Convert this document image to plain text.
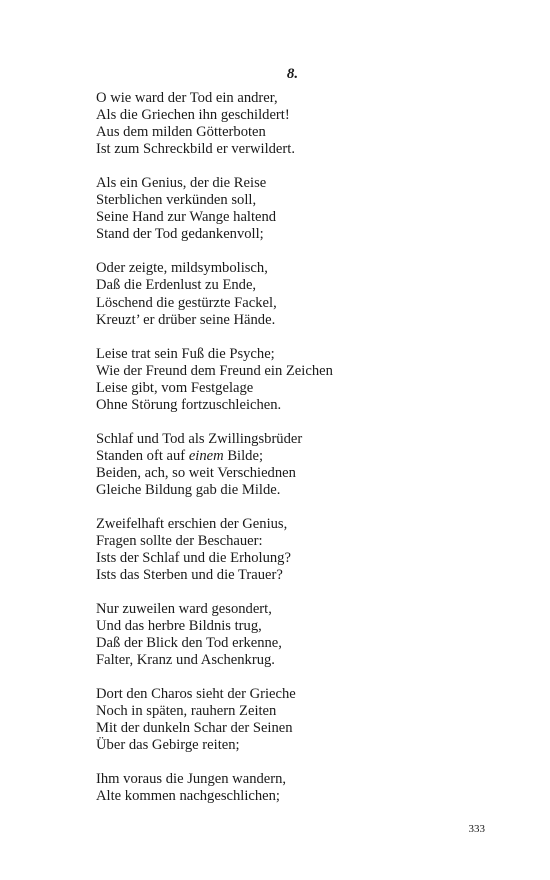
8.

O wie ward der Tod ein andrer,
Als die Griechen ihn geschildert!
Aus dem milden Götterboten
Ist zum Schreckbild er verwildert.
Als ein Genius, der die Reise
Sterblichen verkünden soll,
Seine Hand zur Wange haltend
Stand der Tod gedankenvoll;
Oder zeigte, mildsymbolisch,
Daß die Erdenlust zu Ende,
Löschend die gestürzte Fackel,
Kreuzt’ er drüber seine Hände.
Leise trat sein Fuß die Psyche;
Wie der Freund dem Freund ein Zeichen
Leise gibt, vom Festgelage
Ohne Störung fortzuschleichen.
Schlaf und Tod als Zwillingsbrüder
Standen oft auf einem Bilde;
Beiden, ach, so weit Verschiednen
Gleiche Bildung gab die Milde.
Zweifelhaft erschien der Genius,
Fragen sollte der Beschauer:
Ists der Schlaf und die Erholung?
Ists das Sterben und die Trauer?
Nur zuweilen ward gesondert,
Und das herbre Bildnis trug,
Daß der Blick den Tod erkenne,
Falter, Kranz und Aschenkrug.
Dort den Charos sieht der Grieche
Noch in späten, rauhern Zeiten
Mit der dunkeln Schar der Seinen
Über das Gebirge reiten;
Ihm voraus die Jungen wandern,
Alte kommen nachgeschlichen;

333
